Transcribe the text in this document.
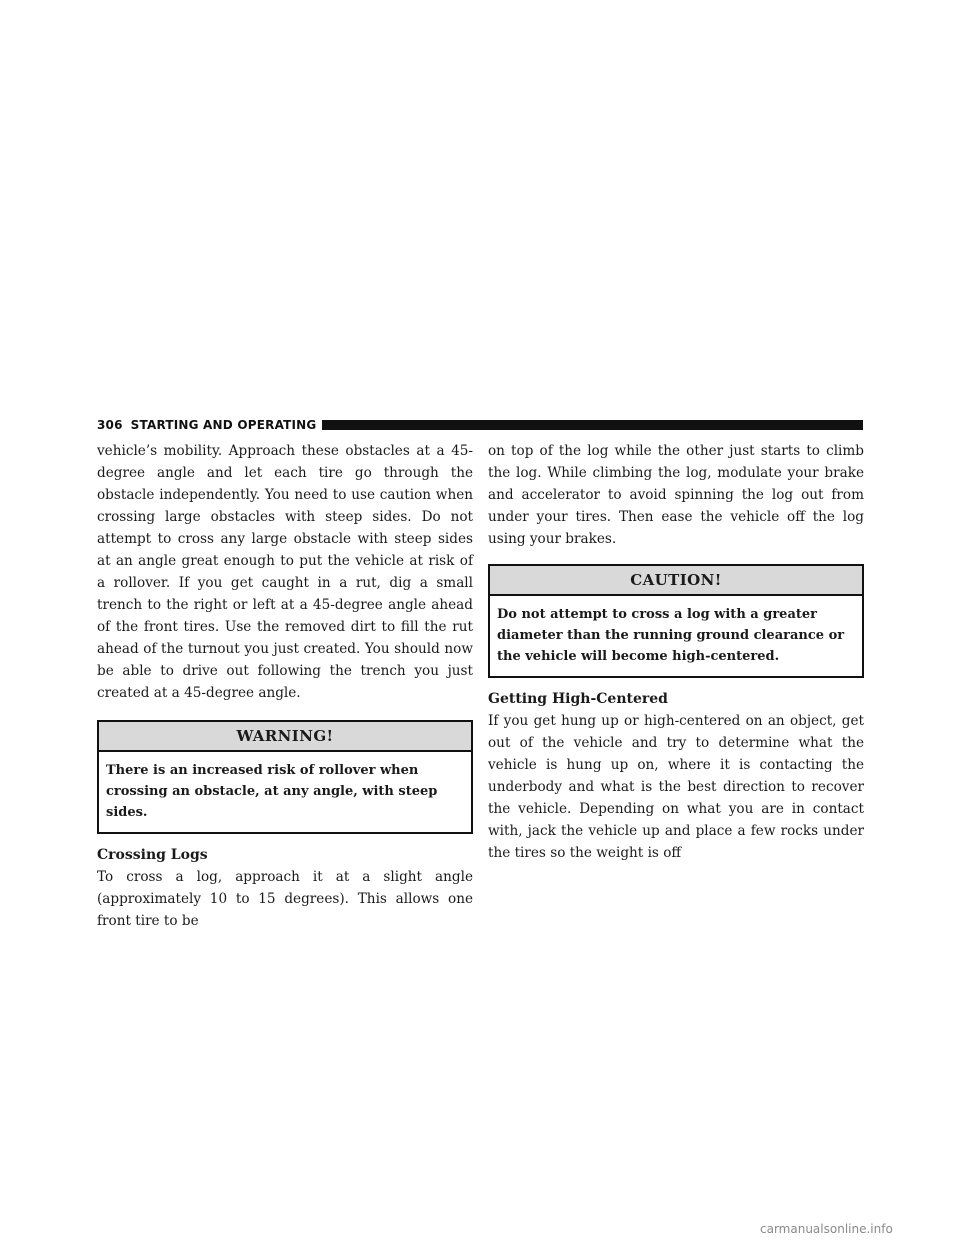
306 STARTING AND OPERATING

vehicle’s mobility. Approach these obstacles at a 45-degree angle and let each tire go through the obstacle independently. You need to use caution when crossing large obstacles with steep sides. Do not attempt to cross any large obstacle with steep sides at an angle great enough to put the vehicle at risk of a rollover. If you get caught in a rut, dig a small trench to the right or left at a 45-degree angle ahead of the front tires. Use the removed dirt to fill the rut ahead of the turnout you just created. You should now be able to drive out following the trench you just created at a 45-degree angle.

WARNING!
There is an increased risk of rollover when crossing an obstacle, at any angle, with steep sides.
Crossing Logs

To cross a log, approach it at a slight angle (approximately 10 to 15 degrees). This allows one front tire to be

on top of the log while the other just starts to climb the log. While climbing the log, modulate your brake and accelerator to avoid spinning the log out from under your tires. Then ease the vehicle off the log using your brakes.

CAUTION!
Do not attempt to cross a log with a greater diameter than the running ground clearance or the vehicle will become high-centered.
Getting High-Centered

If you get hung up or high-centered on an object, get out of the vehicle and try to determine what the vehicle is hung up on, where it is contacting the underbody and what is the best direction to recover the vehicle. Depending on what you are in contact with, jack the vehicle up and place a few rocks under the tires so the weight is off

carmanualsonline.info
